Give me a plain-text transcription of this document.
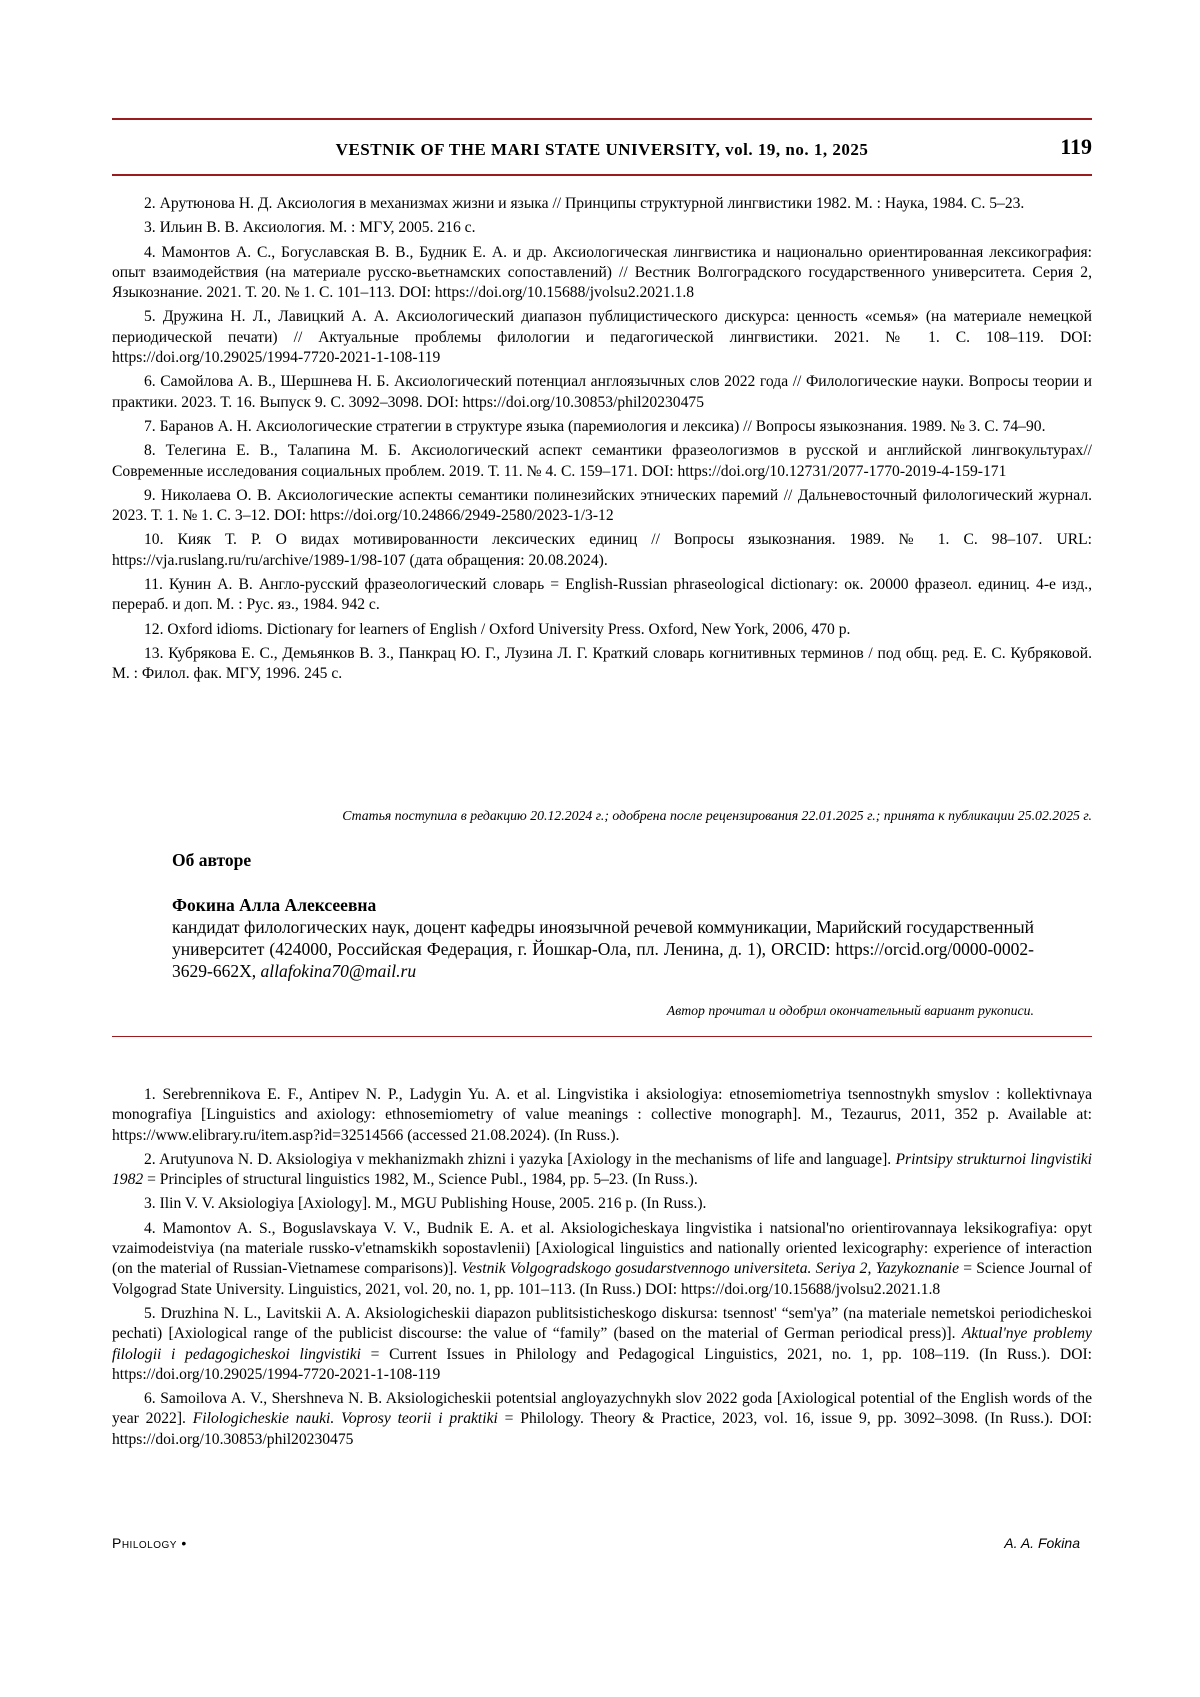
VESTNIK OF THE MARI STATE UNIVERSITY, vol. 19, no. 1, 2025	119

2. Арутюнова Н. Д. Аксиология в механизмах жизни и языка // Принципы структурной лингвистики 1982. М. : Наука, 1984. С. 5–23.

3. Ильин В. В. Аксиология. М. : МГУ, 2005. 216 с.

4. Мамонтов А. С., Богуславская В. В., Будник Е. А. и др. Аксиологическая лингвистика и национально ориентированная лексикография: опыт взаимодействия (на материале русско-вьетнамских сопоставлений) // Вестник Волгоградского государственного университета. Серия 2, Языкознание. 2021. Т. 20. № 1. С. 101–113. DOI: https://doi.org/10.15688/jvolsu2.2021.1.8

5. Дружина Н. Л., Лавицкий А. А. Аксиологический диапазон публицистического дискурса: ценность «семья» (на материале немецкой периодической печати) // Актуальные проблемы филологии и педагогической лингвистики. 2021. № 1. С. 108–119. DOI: https://doi.org/10.29025/1994-7720-2021-1-108-119

6. Самойлова А. В., Шершнева Н. Б. Аксиологический потенциал англоязычных слов 2022 года // Филологические науки. Вопросы теории и практики. 2023. Т. 16. Выпуск 9. С. 3092–3098. DOI: https://doi.org/10.30853/phil20230475

7. Баранов А. Н. Аксиологические стратегии в структуре языка (паремиология и лексика) // Вопросы языкознания. 1989. № 3. С. 74–90.

8. Телегина Е. В., Талапина М. Б. Аксиологический аспект семантики фразеологизмов в русской и английской лингвокультурах// Современные исследования социальных проблем. 2019. Т. 11. № 4. С. 159–171. DOI: https://doi.org/10.12731/2077-1770-2019-4-159-171

9. Николаева О. В. Аксиологические аспекты семантики полинезийских этнических паремий // Дальневосточный филологический журнал. 2023. Т. 1. № 1. С. 3–12. DOI: https://doi.org/10.24866/2949-2580/2023-1/3-12

10. Кияк Т. Р. О видах мотивированности лексических единиц // Вопросы языкознания. 1989. № 1. С. 98–107. URL: https://vja.ruslang.ru/ru/archive/1989-1/98-107 (дата обращения: 20.08.2024).

11. Кунин А. В. Англо-русский фразеологический словарь = English-Russian phraseological dictionary: ок. 20000 фразеол. единиц. 4-е изд., перераб. и доп. М. : Рус. яз., 1984. 942 с.

12. Oxford idioms. Dictionary for learners of English / Oxford University Press. Oxford, New York, 2006, 470 p.

13. Кубрякова Е. С., Демьянков В. З., Панкрац Ю. Г., Лузина Л. Г. Краткий словарь когнитивных терминов / под общ. ред. Е. С. Кубряковой. М. : Филол. фак. МГУ, 1996. 245 с.

Статья поступила в редакцию 20.12.2024 г.; одобрена после рецензирования 22.01.2025 г.; принята к публикации 25.02.2025 г.

Об авторе

Фокина Алла Алексеевна

кандидат филологических наук, доцент кафедры иноязычной речевой коммуникации, Марийский государственный университет (424000, Российская Федерация, г. Йошкар-Ола, пл. Ленина, д. 1), ORCID: https://orcid.org/0000-0002-3629-662X, allafokina70@mail.ru

Автор прочитал и одобрил окончательный вариант рукописи.

1. Serebrennikova E. F., Antipev N. P., Ladygin Yu. A. et al. Lingvistika i aksiologiya: etnosemiometriya tsennostnykh smyslov : kollektivnaya monografiya [Linguistics and axiology: ethnosemiometry of value meanings : collective monograph]. M., Tezaurus, 2011, 352 p. Available at: https://www.elibrary.ru/item.asp?id=32514566 (accessed 21.08.2024). (In Russ.).

2. Arutyunova N. D. Aksiologiya v mekhanizmakh zhizni i yazyka [Axiology in the mechanisms of life and language]. Printsipy strukturnoi lingvistiki 1982 = Principles of structural linguistics 1982, M., Science Publ., 1984, pp. 5–23. (In Russ.).

3. Ilin V. V. Aksiologiya [Axiology]. M., MGU Publishing House, 2005. 216 p. (In Russ.).

4. Mamontov A. S., Boguslavskaya V. V., Budnik E. A. et al. Aksiologicheskaya lingvistika i natsional'no orientirovannaya leksikografiya: opyt vzaimodeistviya (na materiale russko-v'etnamskikh sopostavlenii) [Axiological linguistics and nationally oriented lexicography: experience of interaction (on the material of Russian-Vietnamese comparisons)]. Vestnik Volgogradskogo gosudarstvennogo universiteta. Seriya 2, Yazykoznanie = Science Journal of Volgograd State University. Linguistics, 2021, vol. 20, no. 1, pp. 101–113. (In Russ.) DOI: https://doi.org/10.15688/jvolsu2.2021.1.8

5. Druzhina N. L., Lavitskii A. A. Aksiologicheskii diapazon publitsisticheskogo diskursa: tsennost' “sem'ya” (na materiale nemetskoi periodicheskoi pechati) [Axiological range of the publicist discourse: the value of “family” (based on the material of German periodical press)]. Aktual'nye problemy filologii i pedagogicheskoi lingvistiki = Current Issues in Philology and Pedagogical Linguistics, 2021, no. 1, pp. 108–119. (In Russ.). DOI: https://doi.org/10.29025/1994-7720-2021-1-108-119

6. Samoilova A. V., Shershneva N. B. Aksiologicheskii potentsial angloyazychnykh slov 2022 goda [Axiological potential of the English words of the year 2022]. Filologicheskie nauki. Voprosy teorii i praktiki = Philology. Theory & Practice, 2023, vol. 16, issue 9, pp. 3092–3098. (In Russ.). DOI: https://doi.org/10.30853/phil20230475

Philology •	A. A. Fokina
